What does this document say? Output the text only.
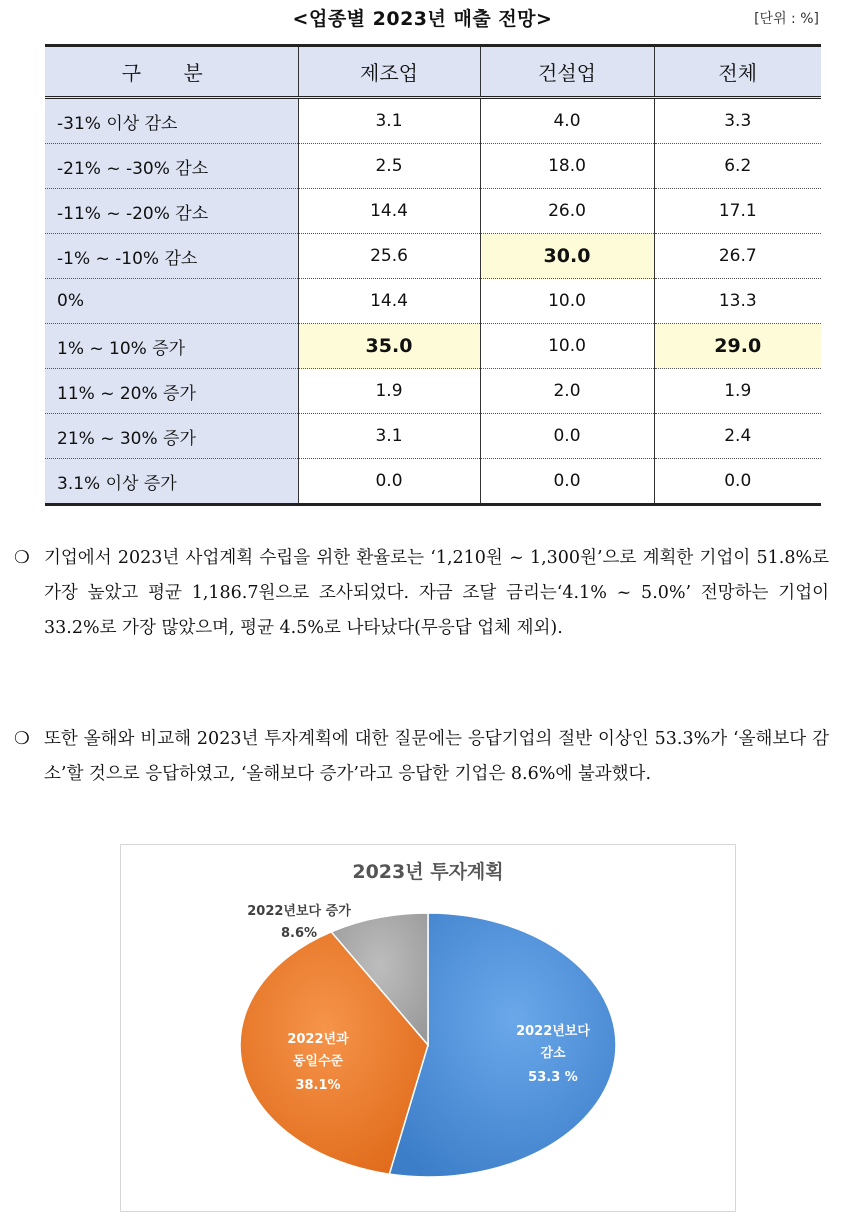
<업종별 2023년 매출 전망>	[단위 : %]
구 분	제조업	건설업	전체
-31% 이상 감소	3.1	4.0	3.3
-21% ~ -30% 감소	2.5	18.0	6.2
-11% ~ -20% 감소	14.4	26.0	17.1
-1% ~ -10% 감소	25.6	30.0	26.7
0%	14.4	10.0	13.3
1% ~ 10% 증가	35.0	10.0	29.0
11% ~ 20% 증가	1.9	2.0	1.9
21% ~ 30% 증가	3.1	0.0	2.4
3.1% 이상 증가	0.0	0.0	0.0
❍ 기업에서 2023년 사업계획 수립을 위한 환율로는 ‘1,210원 ~ 1,300원’으로 계획한 기업이 51.8%로 가장 높았고 평균 1,186.7원으로 조사되었다. 자금 조달 금리는‘4.1% ~ 5.0%’ 전망하는 기업이 33.2%로 가장 많았으며, 평균 4.5%로 나타났다(무응답 업체 제외).
❍ 또한 올해와 비교해 2023년 투자계획에 대한 질문에는 응답기업의 절반 이상인 53.3%가 ‘올해보다 감소’할 것으로 응답하였고, ‘올해보다 증가’라고 응답한 기업은 8.6%에 불과했다.
2023년 투자계획
2022년보다
감소
53.3 %
2022년과
동일수준
38.1%
2022년보다 증가
8.6%
